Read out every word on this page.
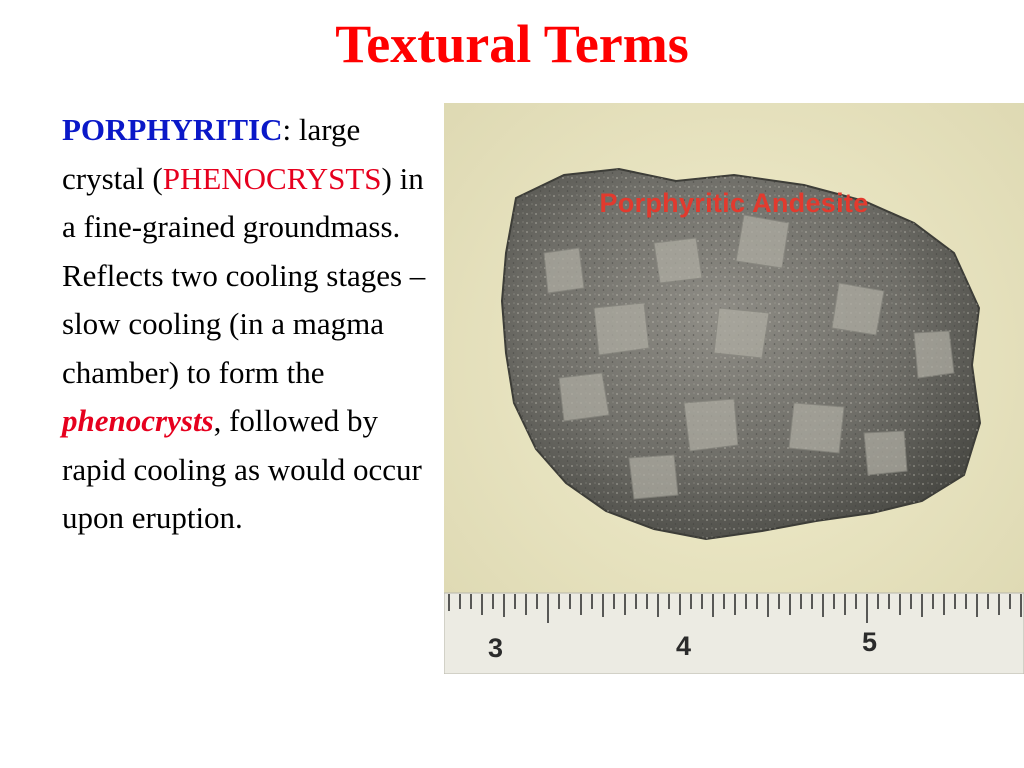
Textural Terms
PORPHYRITIC: large crystal (PHENOCRYSTS) in a fine-grained groundmass. Reflects two cooling stages – slow cooling (in a magma chamber) to form the phenocrysts, followed by rapid cooling as would occur upon eruption.
Porphyritic Andesite
3	4	5
